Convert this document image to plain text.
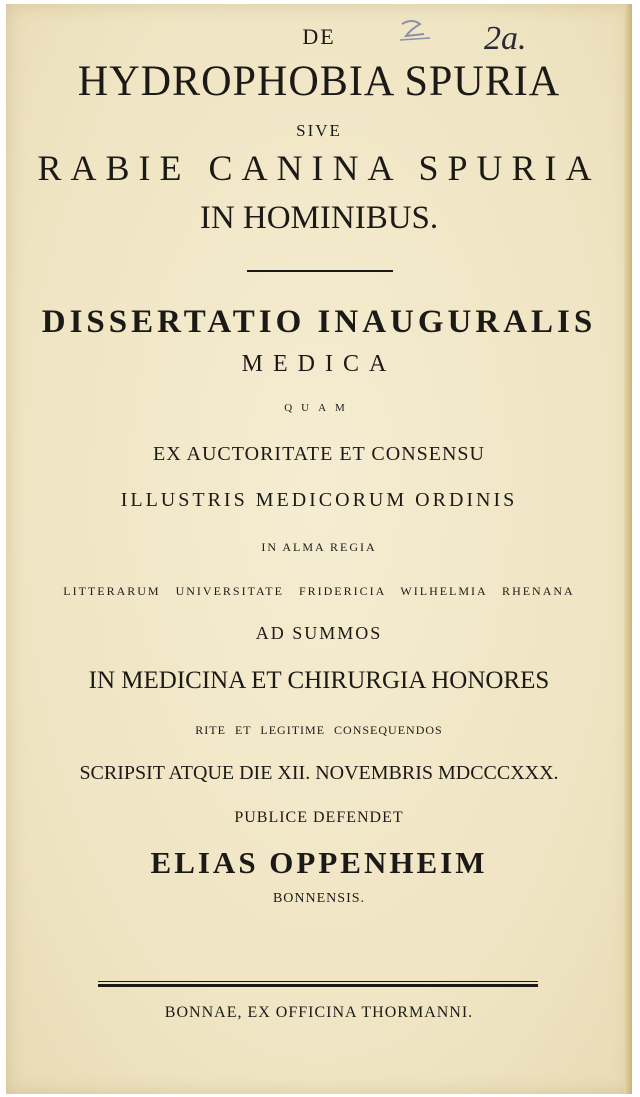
2a.
DE
HYDROPHOBIA SPURIA
SIVE
RABIE CANINA SPURIA
IN HOMINIBUS.
DISSERTATIO INAUGURALIS
MEDICA
QUAM
EX AUCTORITATE ET CONSENSU
ILLUSTRIS MEDICORUM ORDINIS
IN ALMA REGIA
LITTERARUM UNIVERSITATE FRIDERICIA WILHELMIA RHENANA
AD SUMMOS
IN MEDICINA ET CHIRURGIA HONORES
RITE ET LEGITIME CONSEQUENDOS
SCRIPSIT ATQUE DIE XII. NOVEMBRIS MDCCCXXX.
PUBLICE DEFENDET
ELIAS OPPENHEIM
BONNENSIS.
BONNAE, EX OFFICINA THORMANNI.
